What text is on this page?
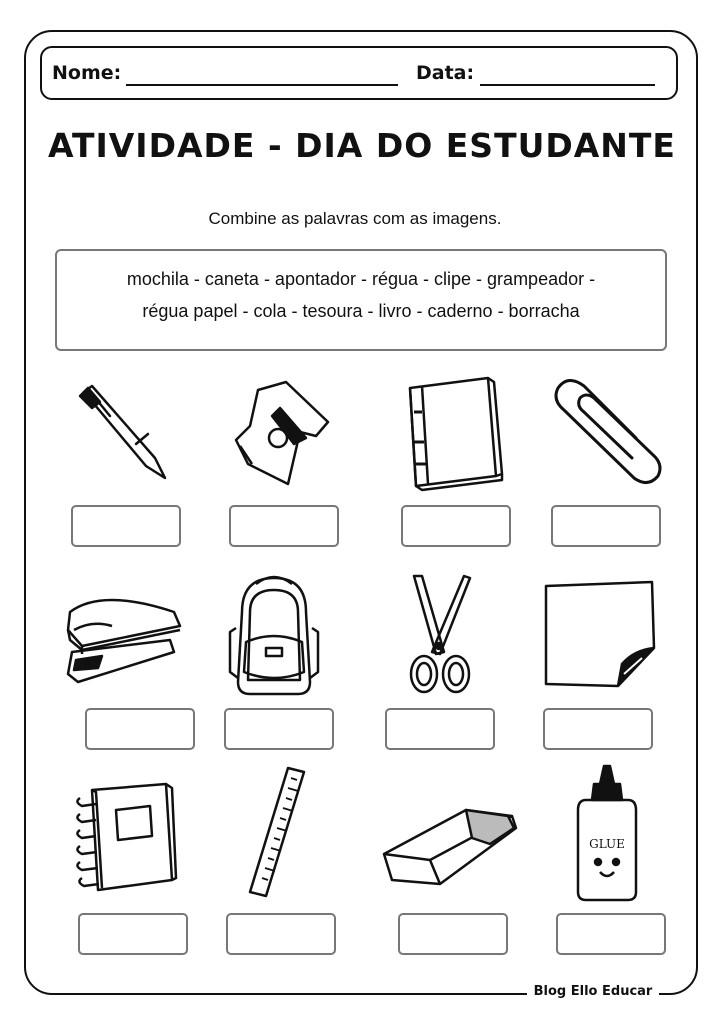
Nome:	Data:
ATIVIDADE - DIA DO ESTUDANTE
Combine as palavras com as imagens.
mochila - caneta - apontador - régua - clipe - grampeador -
régua papel - cola - tesoura - livro - caderno - borracha
GLUE
Blog Ello Educar
